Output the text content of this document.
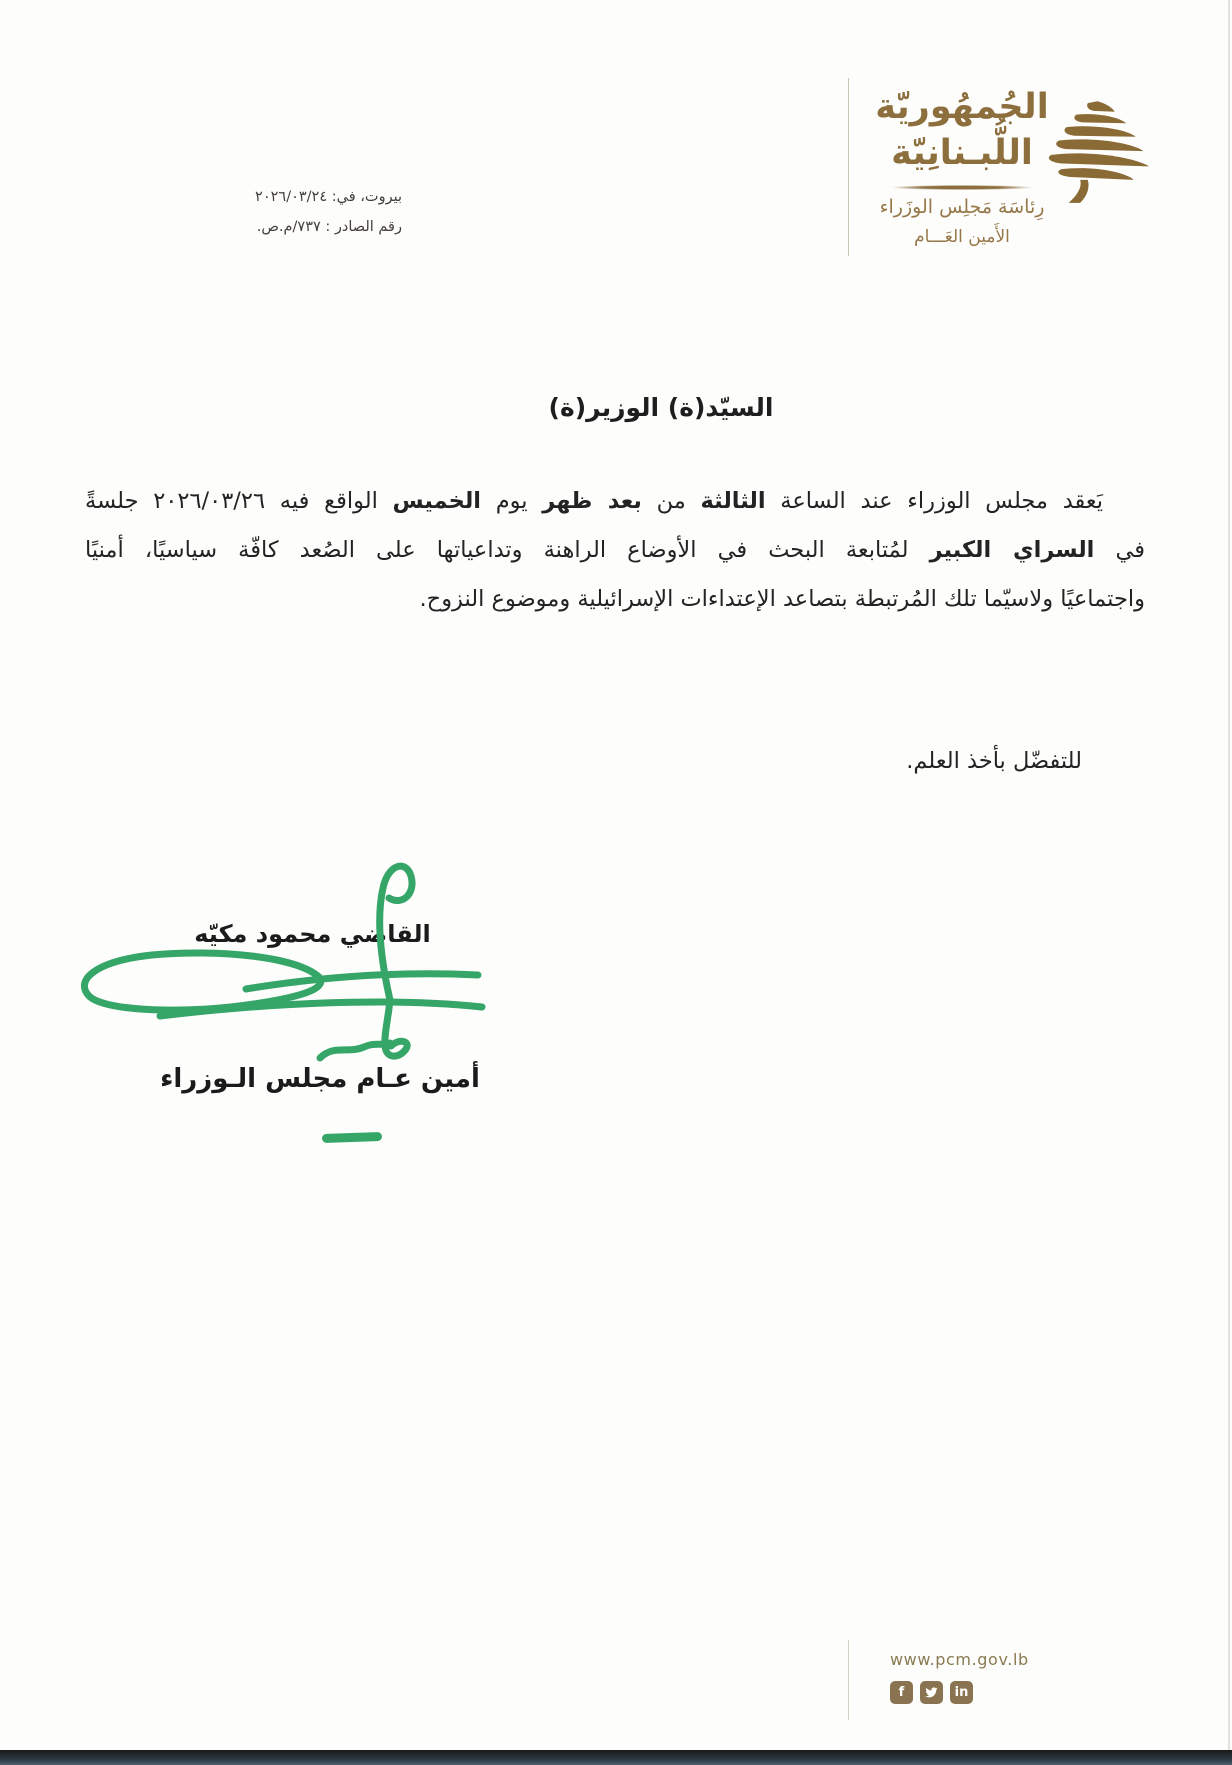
الجُمهُوريّة
اللُّبـنانِيّة
رِئاسَة مَجلِس الوزَراء
الأَمين العَـــام
بيروت، في: ٢٠٢٦/٠٣/٢٤
رقم الصادر : ٧٣٧/م.ص.
السيّد(ة) الوزير(ة)
يَعقد مجلس الوزراء عند الساعة الثالثة من بعد ظهر يوم الخميس الواقع فيه ٢٠٢٦/٠٣/٢٦ جلسةً
في السراي الكبير لمُتابعة البحث في الأوضاع الراهنة وتداعياتها على الصُعد كافّة سياسيًا، أمنيًا
واجتماعيًا ولاسيّما تلك المُرتبطة بتصاعد الإعتداءات الإسرائيلية وموضوع النزوح.
للتفضّل بأخذ العلم.
القاضي محمود مكيّه
أمين عـام مجلس الـوزراء
www.pcm.gov.lb
f	in
